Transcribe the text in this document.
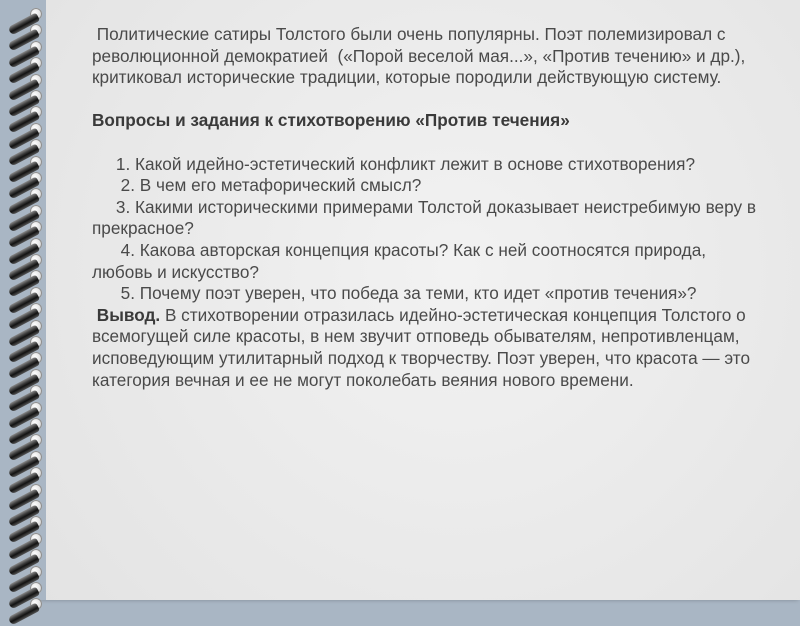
Политические сатиры Толстого были очень популярны. Поэт полемизировал с революционной демократией  («Порой веселой мая...», «Против течению» и др.), критиковал исторические традиции, которые породили действующую систему.

Вопросы и задания к стихотворению «Против течения»

1. Какой идейно-эстетический конфликт лежит в основе стихотворения?

2. В чем его метафорический смысл?

3. Какими историческими примерами Толстой доказывает неистребимую веру в прекрасное?

4. Какова авторская концепция красоты? Как с ней соотносятся природа, любовь и искусство?

5. Почему поэт уверен, что победа за теми, кто идет «против течения»?

Вывод. В стихотворении отразилась идейно-эстетическая концепция Толстого о всемогущей силе красоты, в нем звучит отповедь обывателям, непротивленцам, исповедующим утилитарный подход к творчеству. Поэт уверен, что красота — это категория вечная и ее не могут поколебать веяния нового времени.
